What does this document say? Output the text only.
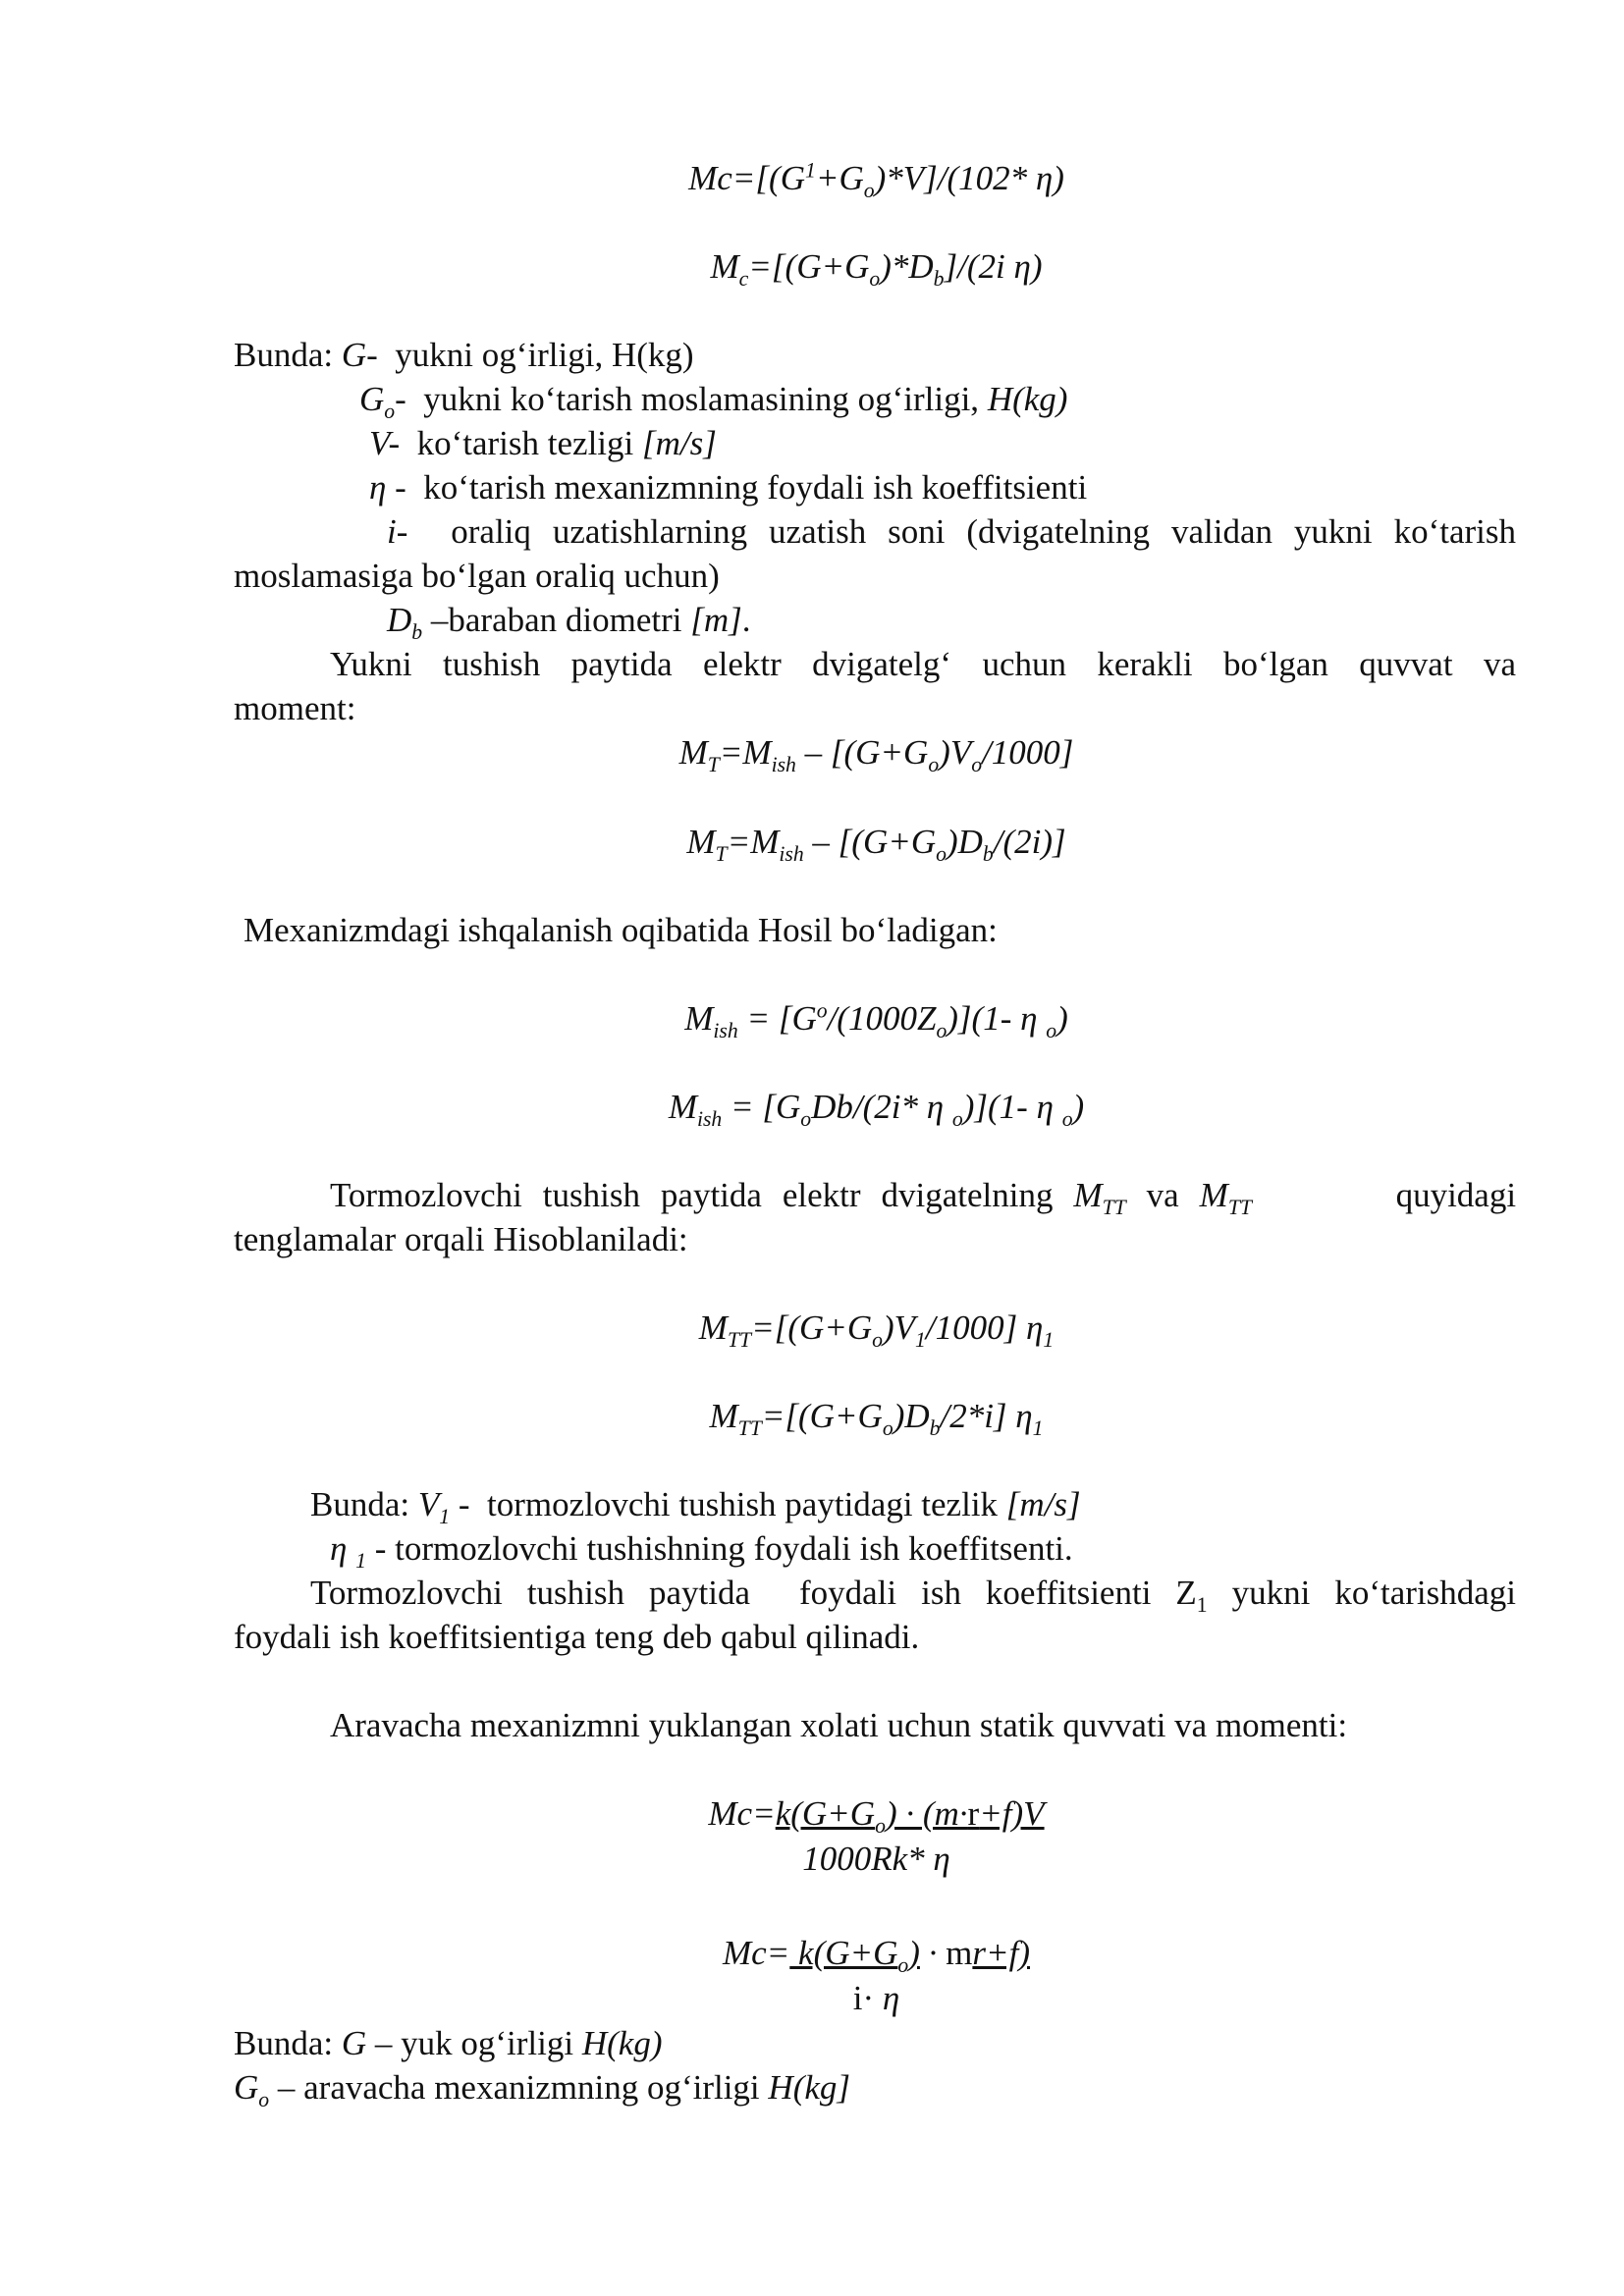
$Mc=[(G^1+G_o)*V]/(102*$ η)
$M_c=[(G+G_o)*D_b]/(2i$ η)
Bunda: G- yukni og‘irligi, H(kg)
$G_o-$  yukni ko‘tarish moslamasining og‘irligi, H(kg)
V-  ko‘tarish tezligi [m/s]
η -  ko‘tarish mexanizmning foydali ish koeffitsienti
i- oraliq uzatishlarning uzatish soni (dvigatelning validan yukni ko‘tarish
moslamasiga bo‘lgan oraliq uchun)
$D_b$ –baraban diometri [m].
Yukni tushish paytida elektr dvigatelg‘ uchun kerakli bo‘lgan quvvat va
moment:
$M_T=M_{ish} - [(G+G_o)V_o/1000]$
$M_T=M_{ish} - [(G+G_o)D_b/(2i)]$
Mexanizmdagi ishqalanish oqibatida Hosil bo‘ladigan:
$M_{ish} = [G^o/(1000Z_o)](1-$ η $_o$)
$M_{ish} = [G_oDb/(2i*$ η $_o$)](1- η $_o$)
Tormozlovchi tushish paytida elektr dvigatelning $M_{TT}$ va $M_{TT}$	quyidagi
tenglamalar orqali Hisoblaniladi:
$M_{TT}=[(G+G_o)V_1/1000]$ $\eta_1$
$M_{TT}=[(G+G_o)D_b/2*i]$ $\eta_1$
Bunda: $V_1$ -  tormozlovchi tushish paytidagi tezlik [m/s]
η $_1$ - tormozlovchi tushishning foydali ish koeffitsenti.
Tormozlovchi tushish paytida  foydali ish koeffitsienti $Z_1$ yukni ko‘tarishdagi
foydali ish koeffitsientiga teng deb qabul qilinadi.
Aravacha mexanizmni yuklangan xolati uchun statik quvvati va momenti:
$Mc=k(G+G_o) \cdot (m\cdot r+f)V$
1000Rk* η
$Mc= k(G+G_o) \cdot mr+f$)
i· η
Bunda: G – yuk og‘irligi H(kg)
$G_o$ – aravacha mexanizmning og‘irligi H(kg]
